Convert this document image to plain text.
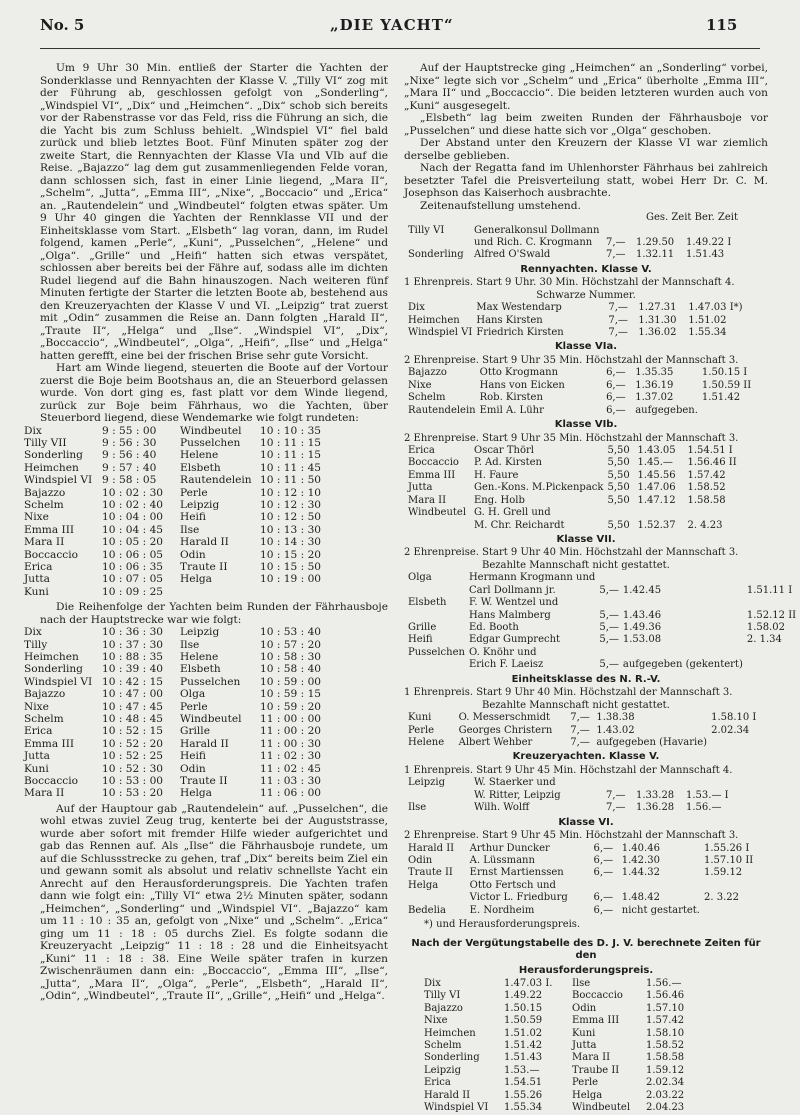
No. 5	„DIE YACHT“	115

Um 9 Uhr 30 Min. entließ der Starter die Yachten der Sonderklasse und Rennyachten der Klasse V. „Tilly VI“ zog mit der Führung ab, geschlossen gefolgt von „Sonderling“, „Windspiel VI“, „Dix“ und „Heimchen“. „Dix“ schob sich bereits vor der Rabenstrasse vor das Feld, riss die Führung an sich, die die Yacht bis zum Schluss behielt. „Windspiel VI“ fiel bald zurück und blieb letztes Boot. Fünf Minuten später zog der zweite Start, die Rennyachten der Klasse VIa und VIb auf die Reise. „Bajazzo“ lag dem gut zusammenliegenden Felde voran, dann schlossen sich, fast in einer Linie liegend, „Mara II“, „Schelm“, „Jutta“, „Emma III“, „Nixe“, „Boccacio“ und „Erica“ an. „Rautendelein“ und „Windbeutel“ folgten etwas später. Um 9 Uhr 40 gingen die Yachten der Rennklasse VII und der Einheitsklasse vom Start. „Elsbeth“ lag voran, dann, im Rudel folgend, kamen „Perle“, „Kuni“, „Pusselchen“, „Helene“ und „Olga“. „Grille“ und „Heifi“ hatten sich etwas verspätet, schlossen aber bereits bei der Fähre auf, sodass alle im dichten Rudel liegend auf die Bahn hinauszogen. Nach weiteren fünf Minuten fertigte der Starter die letzten Boote ab, bestehend aus den Kreuzeryachten der Klasse V und VI. „Leipzig“ trat zuerst mit „Odin“ zusammen die Reise an. Dann folgten „Harald II“, „Traute II“, „Helga“ und „Ilse“. „Windspiel VI“, „Dix“, „Boccaccio“, „Windbeutel“, „Olga“, „Heifi“, „Ilse“ und „Helga“ hatten gerefft, eine bei der frischen Brise sehr gute Vorsicht.

Hart am Winde liegend, steuerten die Boote auf der Vortour zuerst die Boje beim Bootshaus an, die an Steuerbord gelassen wurde. Von dort ging es, fast platt vor dem Winde liegend, zurück zur Boje beim Fährhaus, wo die Yachten, über Steuerbord liegend, diese Wendemarke wie folgt rundeten:

Dix	9 : 55 : 00	Windbeutel	10 : 10 : 35
Tilly VII	9 : 56 : 30	Pusselchen	10 : 11 : 15
Sonderling	9 : 56 : 40	Helene	10 : 11 : 15
Heimchen	9 : 57 : 40	Elsbeth	10 : 11 : 45
Windspiel VI	9 : 58 : 05	Rautendelein	10 : 11 : 50
Bajazzo	10 : 02 : 30	Perle	10 : 12 : 10
Schelm	10 : 02 : 40	Leipzig	10 : 12 : 30
Nixe	10 : 04 : 00	Heifi	10 : 12 : 50
Emma III	10 : 04 : 45	Ilse	10 : 13 : 30
Mara II	10 : 05 : 20	Harald II	10 : 14 : 30
Boccaccio	10 : 06 : 05	Odin	10 : 15 : 20
Erica	10 : 06 : 35	Traute II	10 : 15 : 50
Jutta	10 : 07 : 05	Helga	10 : 19 : 00
Kuni	10 : 09 : 25		

Die Reihenfolge der Yachten beim Runden der Fährhausboje nach der Hauptstrecke war wie folgt:

Dix	10 : 36 : 30	Leipzig	10 : 53 : 40
Tilly	10 : 37 : 30	Ilse	10 : 57 : 20
Heimchen	10 : 88 : 35	Helene	10 : 58 : 30
Sonderling	10 : 39 : 40	Elsbeth	10 : 58 : 40
Windspiel VI	10 : 42 : 15	Pusselchen	10 : 59 : 00
Bajazzo	10 : 47 : 00	Olga	10 : 59 : 15
Nixe	10 : 47 : 45	Perle	10 : 59 : 20
Schelm	10 : 48 : 45	Windbeutel	11 : 00 : 00
Erica	10 : 52 : 15	Grille	11 : 00 : 20
Emma III	10 : 52 : 20	Harald II	11 : 00 : 30
Jutta	10 : 52 : 25	Heifi	11 : 02 : 30
Kuni	10 : 52 : 30	Odin	11 : 02 : 45
Boccaccio	10 : 53 : 00	Traute II	11 : 03 : 30
Mara II	10 : 53 : 20	Helga	11 : 06 : 00

Auf der Hauptour gab „Rautendelein“ auf. „Pusselchen“, die wohl etwas zuviel Zeug trug, kenterte bei der Auguststrasse, wurde aber sofort mit fremder Hilfe wieder aufgerichtet und gab das Rennen auf. Als „Ilse“ die Fährhausboje rundete, um auf die Schlussstrecke zu gehen, traf „Dix“ bereits beim Ziel ein und gewann somit als absolut und relativ schnellste Yacht ein Anrecht auf den Herausforderungspreis. Die Yachten trafen dann wie folgt ein: „Tilly VI“ etwa 2½ Minuten später, sodann „Heimchen“, „Sonderling“ und „Windspiel VI“. „Bajazzo“ kam um 11 : 10 : 35 an, gefolgt von „Nixe“ und „Schelm“. „Erica“ ging um 11 : 18 : 05 durchs Ziel. Es folgte sodann die Kreuzeryacht „Leipzig“ 11 : 18 : 28 und die Einheitsyacht „Kuni“ 11 : 18 : 38. Eine Weile später trafen in kurzen Zwischenräumen dann ein: „Boccaccio“, „Emma III“, „Ilse“, „Jutta“, „Mara II“, „Olga“, „Perle“, „Elsbeth“, „Harald II“, „Odin“, „Windbeutel“, „Traute II“, „Grille“, „Heifi“ und „Helga“.

Auf der Hauptstrecke ging „Heimchen“ an „Sonderling“ vorbei, „Nixe“ legte sich vor „Schelm“ und „Erica“ überholte „Emma III“, „Mara II“ und „Boccaccio“. Die beiden letzteren wurden auch von „Kuni“ ausgesegelt.

„Elsbeth“ lag beim zweiten Runden der Fährhausboje vor „Pusselchen“ und diese hatte sich vor „Olga“ geschoben.

Der Abstand unter den Kreuzern der Klasse VI war ziemlich derselbe geblieben.

Nach der Regatta fand im Uhlenhorster Fährhaus bei zahlreich besetzter Tafel die Preisverteilung statt, wobei Herr Dr. C. M. Josephson das Kaiserhoch ausbrachte.

Zeitenaufstellung umstehend.

Ges. Zeit Ber. Zeit
	Tilly VI	Generalkonsul Dollmann			
		und Rich. C. Krogmann	7,—	1.29.50	1.49.22 I
	Sonderling	Alfred O'Swald	7,—	1.32.11	1.51.43
Rennyachten. Klasse V.
1 Ehrenpreis. Start 9 Uhr. 30 Min. Höchstzahl der Mannschaft 4.
Schwarze Nummer.
	Dix	Max Westendarp	7,—	1.27.31	1.47.03 I*)
	Heimchen	Hans Kirsten	7,—	1.31.30	1.51.02
	Windspiel VI	Friedrich Kirsten	7,—	1.36.02	1.55.34
Klasse VIa.
2 Ehrenpreise. Start 9 Uhr 35 Min. Höchstzahl der Mannschaft 3.
	Bajazzo	Otto Krogmann	6,—	1.35.35	1.50.15 I
	Nixe	Hans von Eicken	6,—	1.36.19	1.50.59 II
	Schelm	Rob. Kirsten	6,—	1.37.02	1.51.42
	Rautendelein	Emil A. Lühr	6,—	aufgegeben.	
Klasse VIb.
2 Ehrenpreise. Start 9 Uhr 35 Min. Höchstzahl der Mannschaft 3.
	Erica	Oscar Thörl	5,50	1.43.05	1.54.51 I
	Boccaccio	P. Ad. Kirsten	5,50	1.45.—	1.56.46 II
	Emma III	H. Faure	5,50	1.45.56	1.57.42
	Jutta	Gen.-Kons. M.Pickenpack	5,50	1.47.06	1.58.52
	Mara II	Eng. Holb	5,50	1.47.12	1.58.58
	Windbeutel	G. H. Grell und			
		M. Chr. Reichardt	5,50	1.52.37	2. 4.23
Klasse VII.
2 Ehrenpreise. Start 9 Uhr 40 Min. Höchstzahl der Mannschaft 3.
Bezahlte Mannschaft nicht gestattet.
	Olga	Hermann Krogmann und			
		Carl Dollmann jr.	5,—	1.42.45	1.51.11 I
	Elsbeth	F. W. Wentzel und			
		Hans Malmberg	5,—	1.43.46	1.52.12 II
	Grille	Ed. Booth	5,—	1.49.36	1.58.02
	Heifi	Edgar Gumprecht	5,—	1.53.08	2. 1.34
	Pusselchen	O. Knöhr und			
		Erich F. Laeisz	5,—	aufgegeben (gekentert)	
Einheitsklasse des N. R.-V.
1 Ehrenpreis. Start 9 Uhr 40 Min. Höchstzahl der Mannschaft 3.
Bezahlte Mannschaft nicht gestattet.
	Kuni	O. Messerschmidt	7,—	1.38.38	1.58.10 I
	Perle	Georges Christern	7,—	1.43.02	2.02.34
	Helene	Albert Wehber	7,—	aufgegeben (Havarie)	
Kreuzeryachten. Klasse V.
1 Ehrenpreis. Start 9 Uhr 45 Min. Höchstzahl der Mannschaft 4.
	Leipzig	W. Staerker und			
		W. Ritter, Leipzig	7,—	1.33.28	1.53.— I
	Ilse	Wilh. Wolff	7,—	1.36.28	1.56.—
Klasse VI.
2 Ehrenpreise. Start 9 Uhr 45 Min. Höchstzahl der Mannschaft 3.
	Harald II	Arthur Duncker	6,—	1.40.46	1.55.26 I
	Odin	A. Lüssmann	6,—	1.42.30	1.57.10 II
	Traute II	Ernst Martienssen	6,—	1.44.32	1.59.12
	Helga	Otto Fertsch und			
		Victor L. Friedburg	6,—	1.48.42	2. 3.22
	Bedelia	E. Nordheim	6,—	nicht gestartet.	
*) und Herausforderungspreis.
Nach der Vergütungstabelle des D. J. V. berechnete Zeiten für den
Herausforderungspreis.
Dix	1.47.03 I.	Ilse	1.56.—
Tilly VI	1.49.22	Boccaccio	1.56.46
Bajazzo	1.50.15	Odin	1.57.10
Nixe	1.50.59	Emma III	1.57.42
Heimchen	1.51.02	Kuni	1.58.10
Schelm	1.51.42	Jutta	1.58.52
Sonderling	1.51.43	Mara II	1.58.58
Leipzig	1.53.—	Traube II	1.59.12
Erica	1.54.51	Perle	2.02.34
Harald II	1.55.26	Helga	2.03.22
Windspiel VI	1.55.34	Windbeutel	2.04.23
